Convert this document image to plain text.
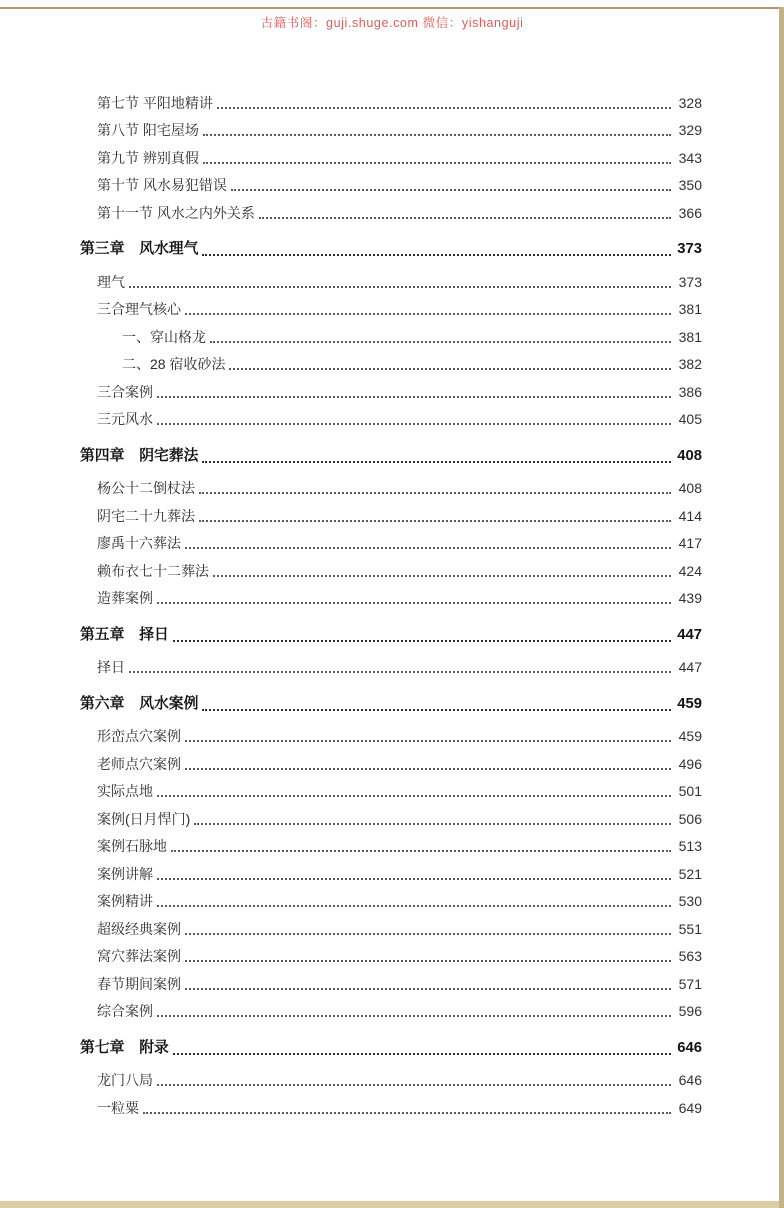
古籍书阁：guji.shuge.com 微信：yishanguji
第七节 平阳地精讲	328
第八节 阳宅屋场	329
第九节 辨别真假	343
第十节 风水易犯错误	350
第十一节 风水之内外关系	366
第三章　风水理气	373
理气	373
三合理气核心	381
一、穿山格龙	381
二、28 宿收砂法	382
三合案例	386
三元风水	405
第四章　阴宅葬法	408
杨公十二倒杖法	408
阴宅二十九葬法	414
廖禹十六葬法	417
赖布衣七十二葬法	424
造葬案例	439
第五章　择日	447
择日	447
第六章　风水案例	459
形峦点穴案例	459
老师点穴案例	496
实际点地	501
案例(日月悍门)	506
案例石脉地	513
案例讲解	521
案例精讲	530
超级经典案例	551
窝穴葬法案例	563
春节期间案例	571
综合案例	596
第七章　附录	646
龙门八局	646
一粒粟	649
